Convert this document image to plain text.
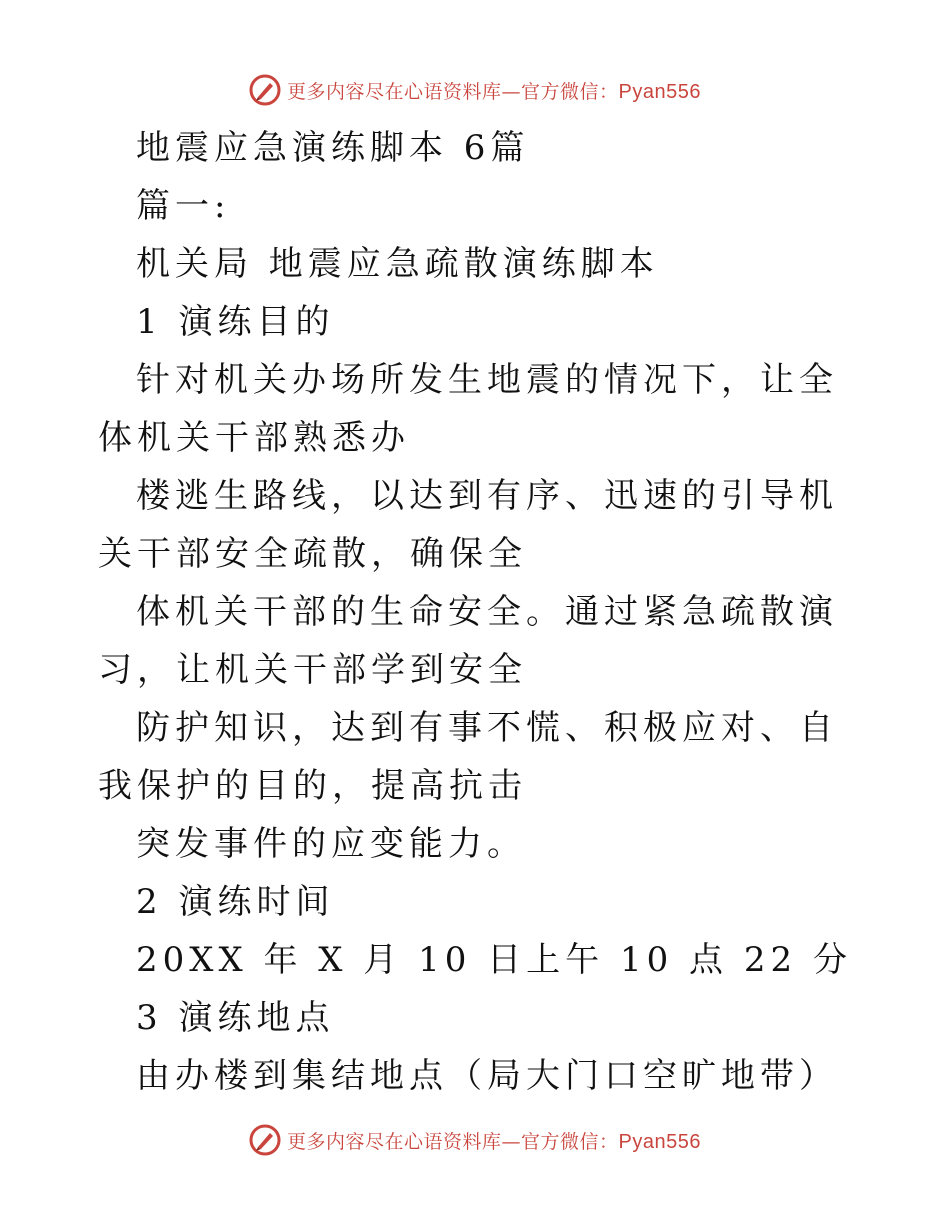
更多内容尽在心语资料库—官方微信：Pyan556

地震应急演练脚本 6篇

篇一:

机关局 地震应急疏散演练脚本

1 演练目的

针对机关办场所发生地震的情况下，让全体机关干部熟悉办

楼逃生路线，以达到有序、迅速的引导机关干部安全疏散，确保全

体机关干部的生命安全。通过紧急疏散演习，让机关干部学到安全

防护知识，达到有事不慌、积极应对、自我保护的目的，提高抗击

突发事件的应变能力。

2 演练时间

20XX 年 X 月 10 日上午 10 点 22 分

3 演练地点

由办楼到集结地点（局大门口空旷地带）

更多内容尽在心语资料库—官方微信：Pyan556
